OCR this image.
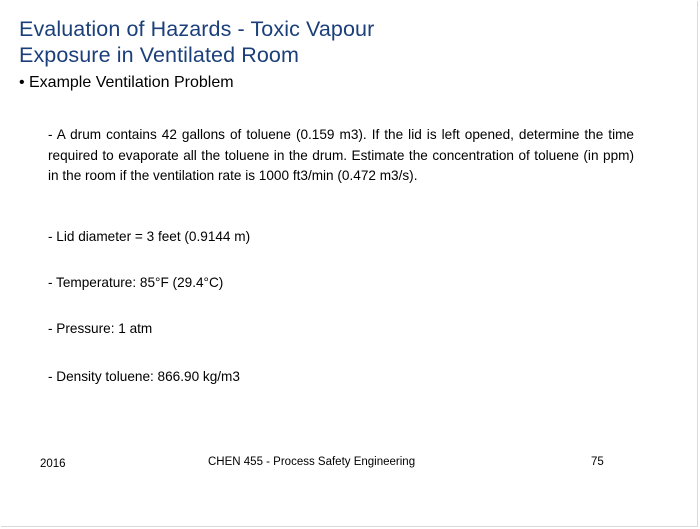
Evaluation of Hazards - Toxic Vapour
Exposure in Ventilated Room
• Example Ventilation Problem

- A drum contains 42 gallons of toluene (0.159 m3). If the lid is left opened, determine the time required to evaporate all the toluene in the drum. Estimate the concentration of toluene (in ppm) in the room if the ventilation rate is 1000 ft3/min (0.472 m3/s).

- Lid diameter = 3 feet (0.9144 m)

- Temperature: 85°F (29.4°C)

- Pressure: 1 atm

- Density toluene: 866.90 kg/m3

2016	CHEN 455 - Process Safety Engineering	75
